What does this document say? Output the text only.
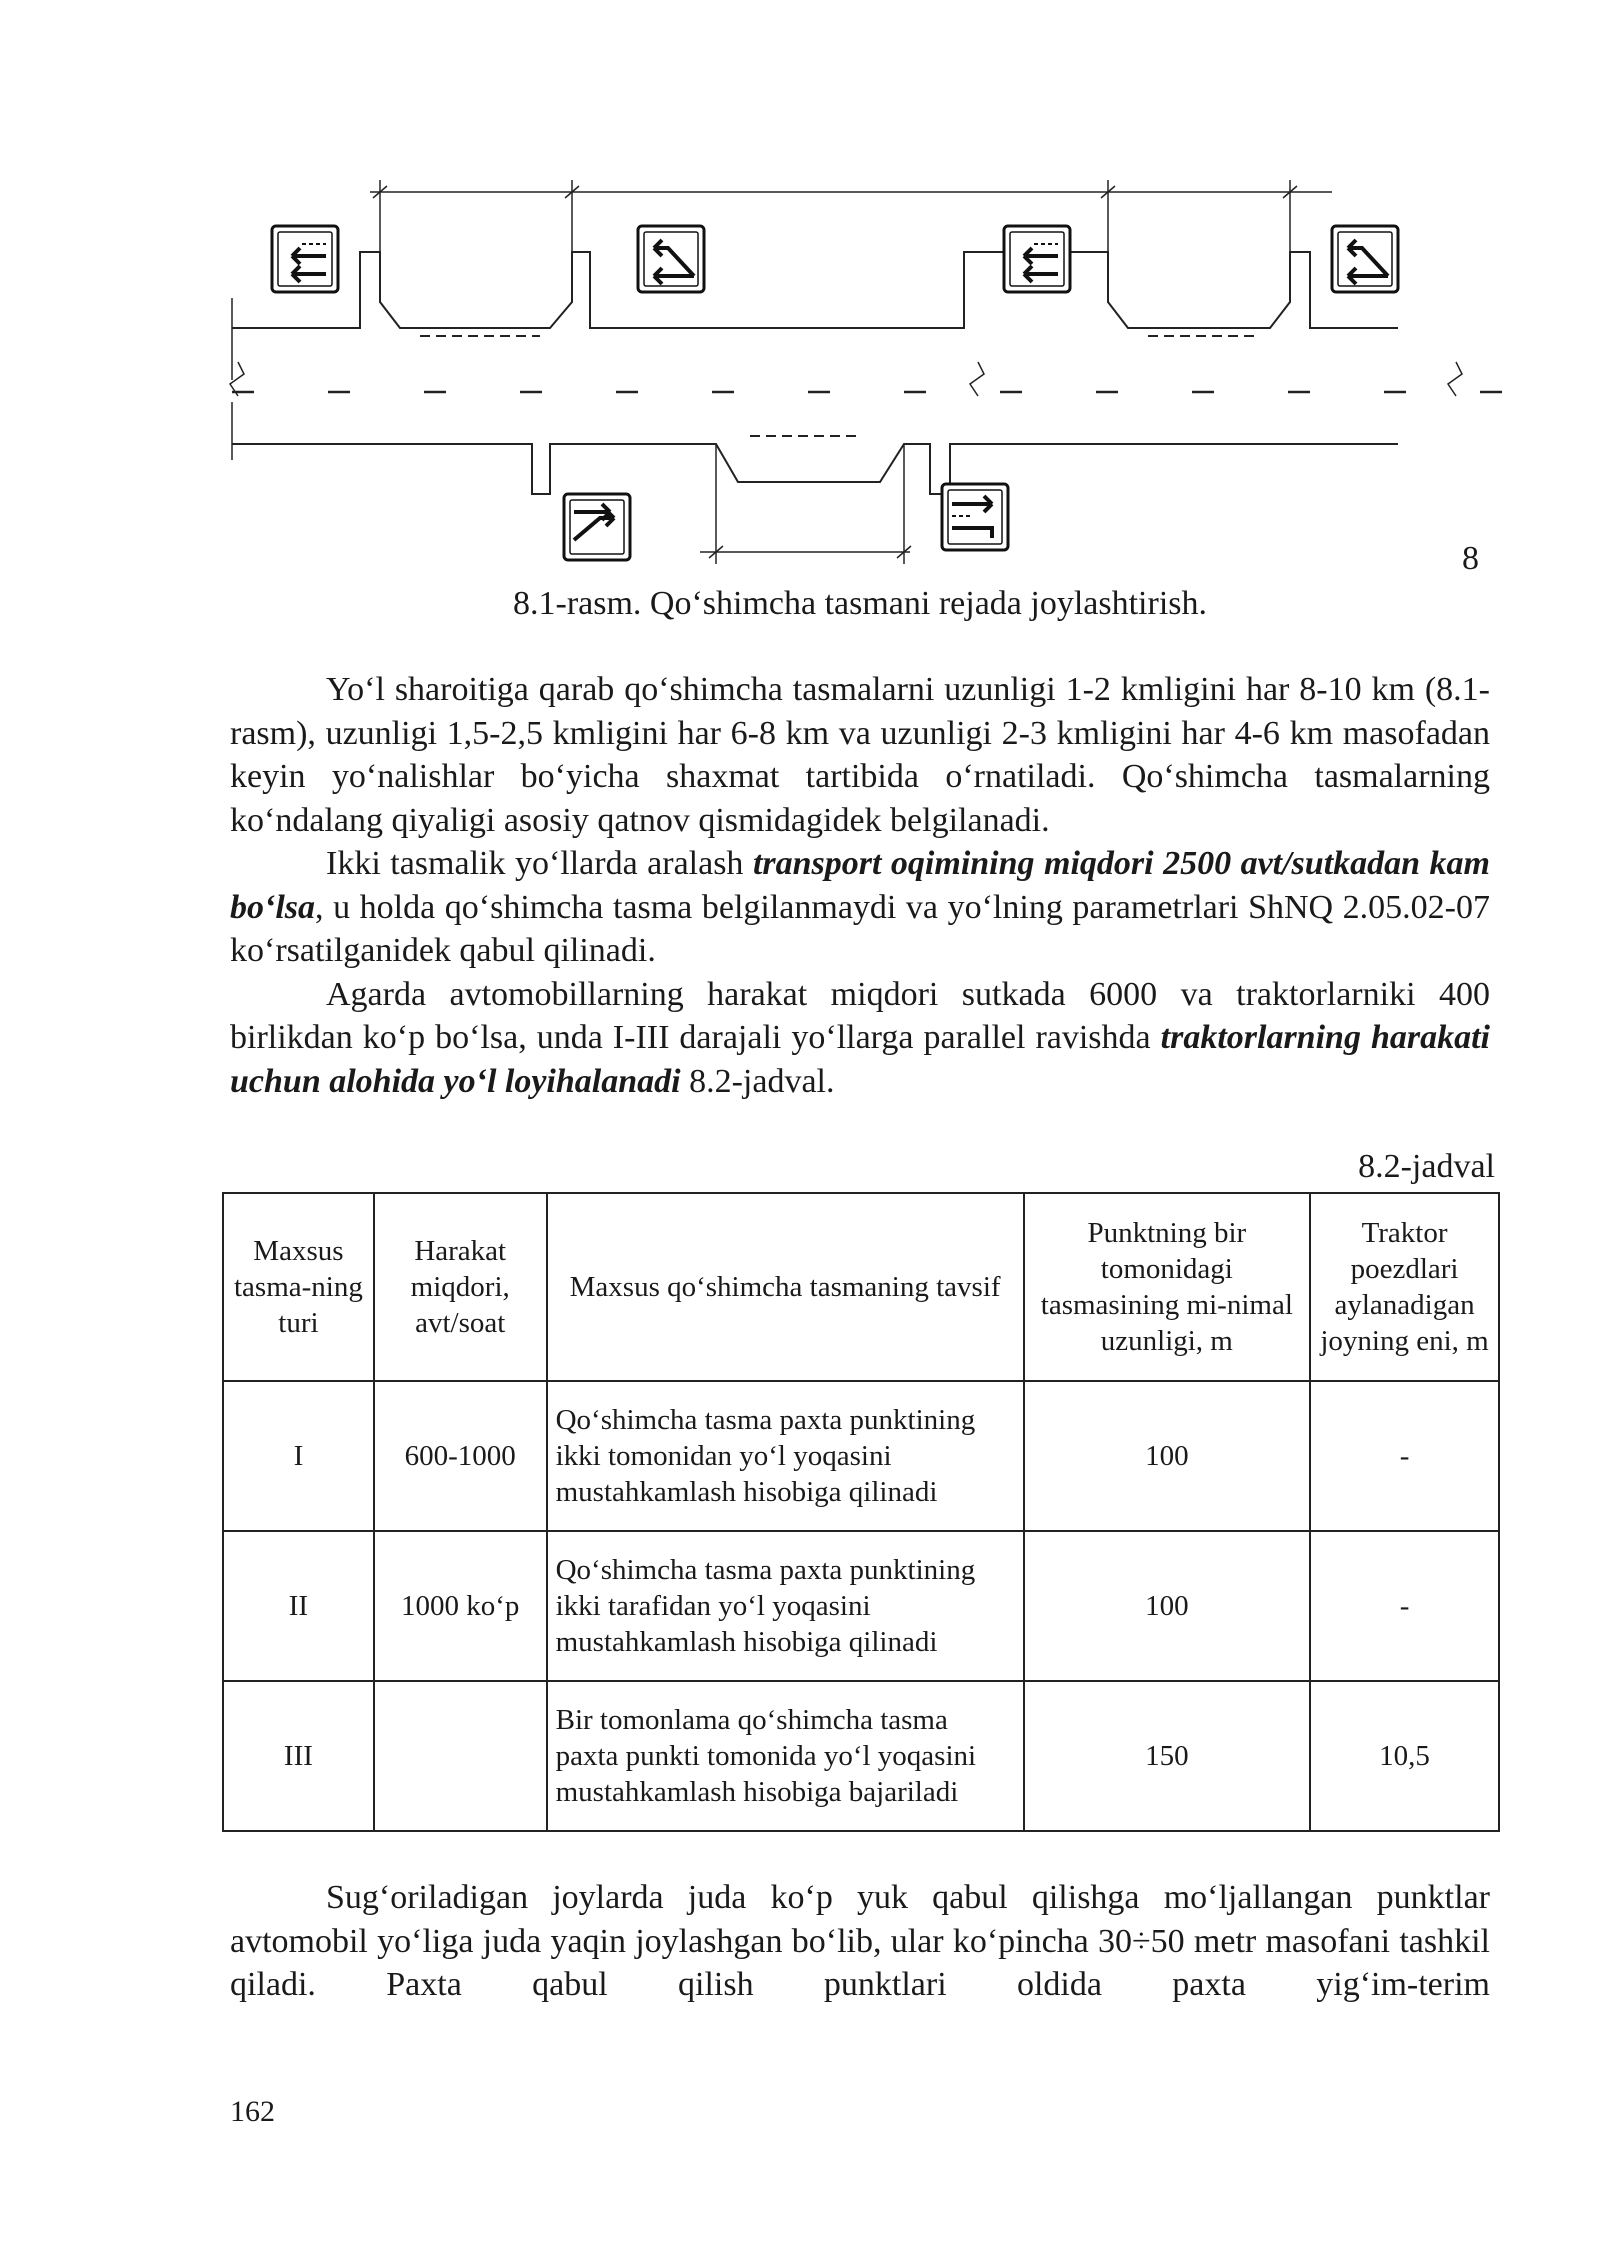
8
8.1-rasm. Qo‘shimcha tasmani rejada joylashtirish.

Yo‘l sharoitiga qarab qo‘shimcha tasmalarni uzunligi 1-2 kmligini har 8-10 km (8.1-rasm), uzunligi 1,5-2,5 kmligini har 6-8 km va uzunligi 2-3 kmligini har 4-6 km masofadan keyin yo‘nalishlar bo‘yicha shaxmat tartibida o‘rnatiladi. Qo‘shimcha tasmalarning ko‘ndalang qiyaligi asosiy qatnov qismidagidek belgilanadi.

Ikki tasmalik yo‘llarda aralash transport oqimining miqdori 2500 avt/sutkadan kam bo‘lsa, u holda qo‘shimcha tasma belgilanmaydi va yo‘lning parametrlari ShNQ 2.05.02-07 ko‘rsatilganidek qabul qilinadi.

Agarda avtomobillarning harakat miqdori sutkada 6000 va traktorlarniki 400 birlikdan ko‘p bo‘lsa, unda I-III darajali yo‘llarga parallel ravishda traktorlarning harakati uchun alohida yo‘l loyihalanadi 8.2-jadval.

8.2-jadval
Maxsus tasma-ning turi	Harakat miqdori, avt/soat	Maxsus qo‘shimcha tasmaning tavsif	Punktning bir tomonidagi tasmasining mi-nimal uzunligi, m	Traktor poezdlari aylanadigan joyning eni, m
I	600-1000	Qo‘shimcha tasma paxta punktining ikki tomonidan yo‘l yoqasini mustahkamlash hisobiga qilinadi	100	-
II	1000 ko‘p	Qo‘shimcha tasma paxta punktining ikki tarafidan yo‘l yoqasini mustahkamlash hisobiga qilinadi	100	-
III		Bir tomonlama qo‘shimcha tasma paxta punkti tomonida yo‘l yoqasini mustahkamlash hisobiga bajariladi	150	10,5

Sug‘oriladigan joylarda juda ko‘p yuk qabul qilishga mo‘ljallangan punktlar avtomobil yo‘liga juda yaqin joylashgan bo‘lib, ular ko‘pincha 30÷50 metr masofani tashkil qiladi. Paxta qabul qilish punktlari oldida paxta yig‘im-terim

162
